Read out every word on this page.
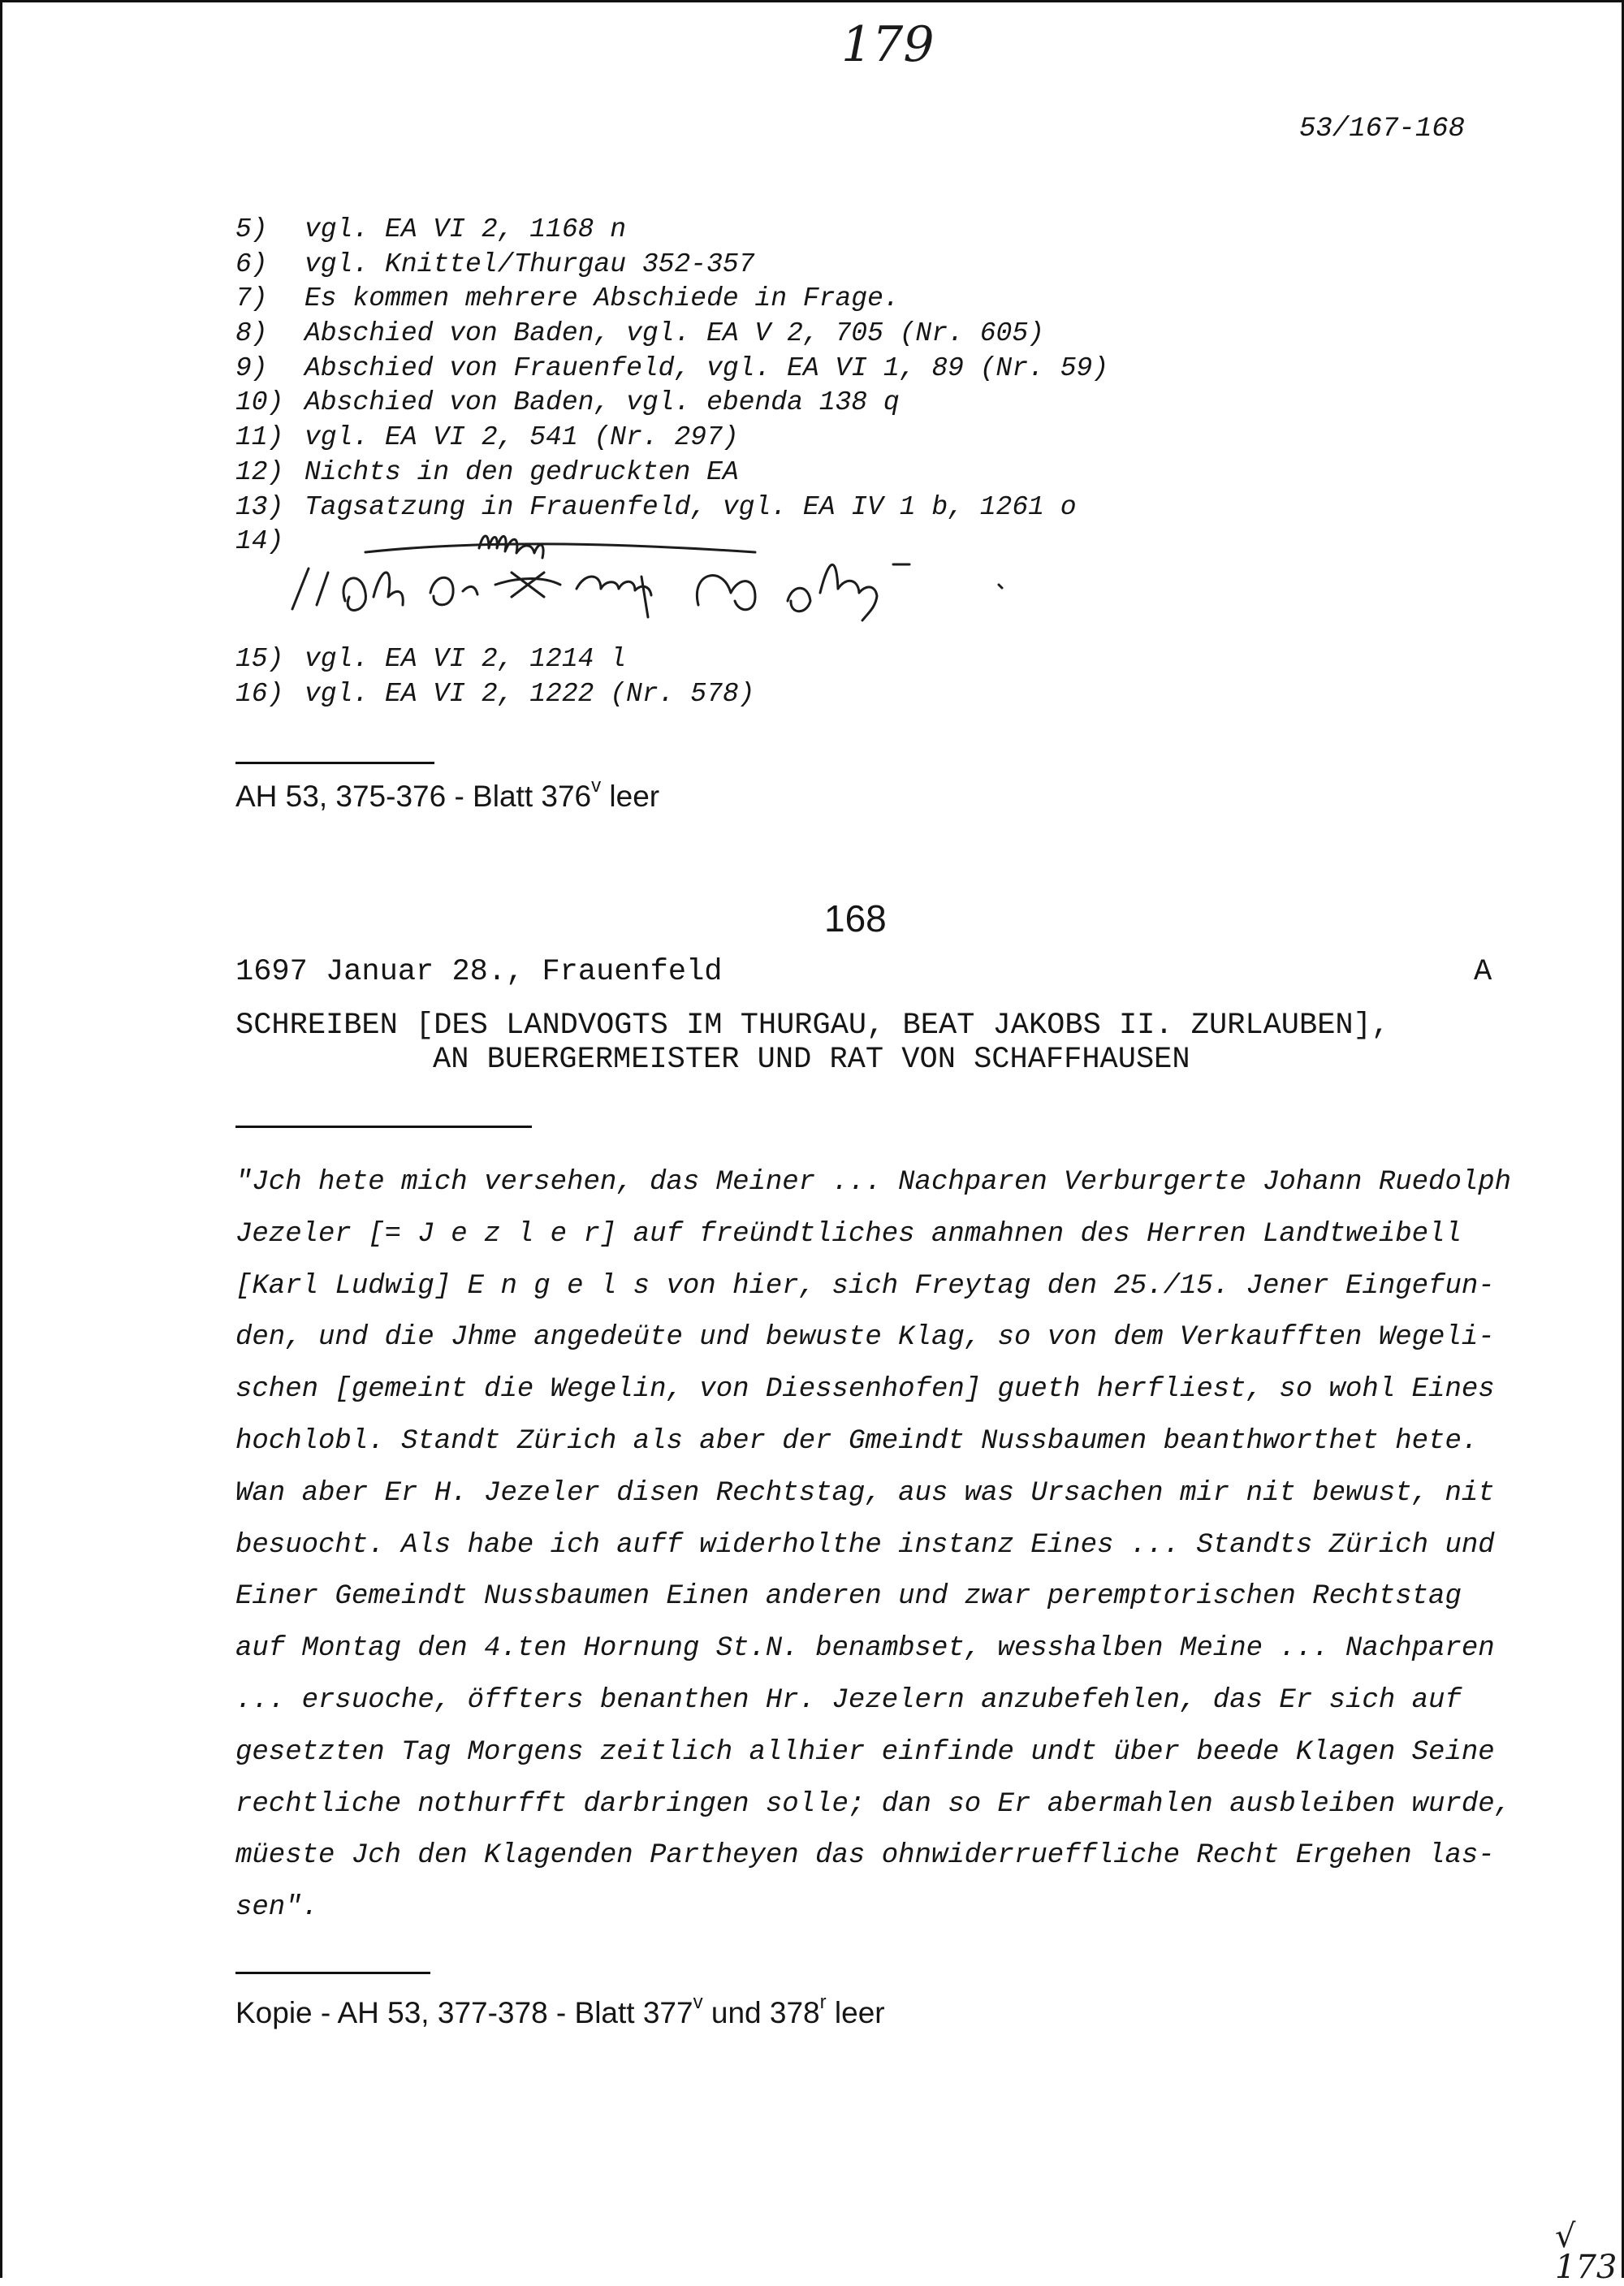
179
53/167-168
5) vgl. EA VI 2, 1168 n
6) vgl. Knittel/Thurgau 352-357
7) Es kommen mehrere Abschiede in Frage.
8) Abschied von Baden, vgl. EA V 2, 705 (Nr. 605)
9) Abschied von Frauenfeld, vgl. EA VI 1, 89 (Nr. 59)
10) Abschied von Baden, vgl. ebenda 138 q
11) vgl. EA VI 2, 541 (Nr. 297)
12) Nichts in den gedruckten EA
13) Tagsatzung in Frauenfeld, vgl. EA IV 1 b, 1261 o
14)
15) vgl. EA VI 2, 1214 l
16) vgl. EA VI 2, 1222 (Nr. 578)
AH 53, 375-376 - Blatt 376$^v$ leer
168
1697 Januar 28., Frauenfeld	A
SCHREIBEN [DES LANDVOGTS IM THURGAU, BEAT JAKOBS II. ZURLAUBEN],
AN BUERGERMEISTER UND RAT VON SCHAFFHAUSEN
"Jch hete mich versehen, das Meiner ... Nachparen Verburgerte Johann Ruedolph
Jezeler [= J e z l e r] auf freündtliches anmahnen des Herren Landtweibell
[Karl Ludwig] E n g e l s von hier, sich Freytag den 25./15. Jener Eingefun-
den, und die Jhme angedeüte und bewuste Klag, so von dem Verkaufften Wegeli-
schen [gemeint die Wegelin, von Diessenhofen] gueth herfliest, so wohl Eines
hochlobl. Standt Zürich als aber der Gmeindt Nussbaumen beanthworthet hete.
Wan aber Er H. Jezeler disen Rechtstag, aus was Ursachen mir nit bewust, nit
besuocht. Als habe ich auff widerholthe instanz Eines ... Standts Zürich und
Einer Gemeindt Nussbaumen Einen anderen und zwar peremptorischen Rechtstag
auf Montag den 4.ten Hornung St.N. benambset, wesshalben Meine ... Nachparen
... ersuoche, öffters benanthen Hr. Jezelern anzubefehlen, das Er sich auf
gesetzten Tag Morgens zeitlich allhier einfinde undt über beede Klagen Seine
rechtliche nothurfft darbringen solle; dan so Er abermahlen ausbleiben wurde,
müeste Jch den Klagenden Partheyen das ohnwiderrueffliche Recht Ergehen las-
sen".
Kopie - AH 53, 377-378 - Blatt 377$^v$ und 378$^r$ leer
√
173
